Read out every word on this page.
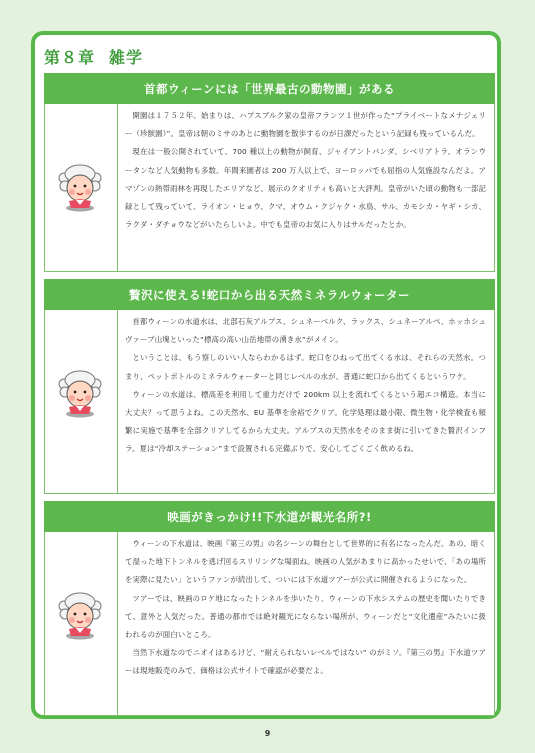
第８章 雑学
首都ウィーンには「世界最古の動物園」がある

開園は１７５２年。始まりは、ハプスブルク家の皇帝フランツ１世が作った“プライベートなメナジェリー（珍獣園）”。皇帝は朝のミサのあとに動物園を散歩するのが日課だったという記録も残っているんだ。

現在は一般公開されていて、700 種以上の動物が飼育、ジャイアントパンダ、シベリアトラ、オランウータンなど人気動物も多数。年間来園者は 200 万人以上で、ヨーロッパでも屈指の人気施設なんだよ。アマゾンの熱帯雨林を再現したエリアなど、展示のクオリティも高いと大評判。皇帝がいた頃の動物も一部記録として残っていて、ライオン・ヒョウ、クマ、オウム・クジャク・水鳥、サル、カモシカ・ヤギ・シカ、ラクダ・ダチョウなどがいたらしいよ。中でも皇帝のお気に入りはサルだったとか。

贅沢に使える!蛇口から出る天然ミネラルウォーター

首都ウィーンの水道水は、北部石灰アルプス、シュネーベルク、ラックス、シュネーアルペ、ホッホシュヴァーブ山塊といった“標高の高い山岳地帯の湧き水”がメイン。

ということは、もう察しのいい人ならわかるはず。蛇口をひねって出てくる水は、それらの天然水。つまり、ペットボトルのミネラルウォーターと同じレベルの水が、普通に蛇口から出てくるというワケ。

ウィーンの水道は、標高差を利用して重力だけで 200km 以上を流れてくるという超エコ構造。本当に大丈夫？って思うよね。この天然水、EU 基準を余裕でクリア。化学処理は最小限、微生物・化学検査も頻繁に実施で基準を全部クリアしてるから大丈夫。アルプスの天然水をそのまま街に引いてきた贅沢インフラ。夏は“冷却ステーション”まで設置される完備ぶりで、安心してごくごく飲めるね。

映画がきっかけ!!下水道が観光名所?!

ウィーンの下水道は、映画『第三の男』の名シーンの舞台として世界的に有名になったんだ。あの、暗くて湿った地下トンネルを逃げ回るスリリングな場面ね。映画の人気があまりに高かったせいで、「あの場所を実際に見たい」というファンが続出して、ついには下水道ツアーが公式に開催されるようになった。

ツアーでは、映画のロケ地になったトンネルを歩いたり、ウィーンの下水システムの歴史を聞いたりできて、意外と人気だった。普通の都市では絶対観光にならない場所が、ウィーンだと“文化遺産”みたいに扱われるのが面白いところ。

当然下水道なのでニオイはあるけど、“耐えられないレベルではない” のがミソ。『第三の男』下水道ツアーは現地販売のみで、価格は公式サイトで確認が必要だよ。

9
